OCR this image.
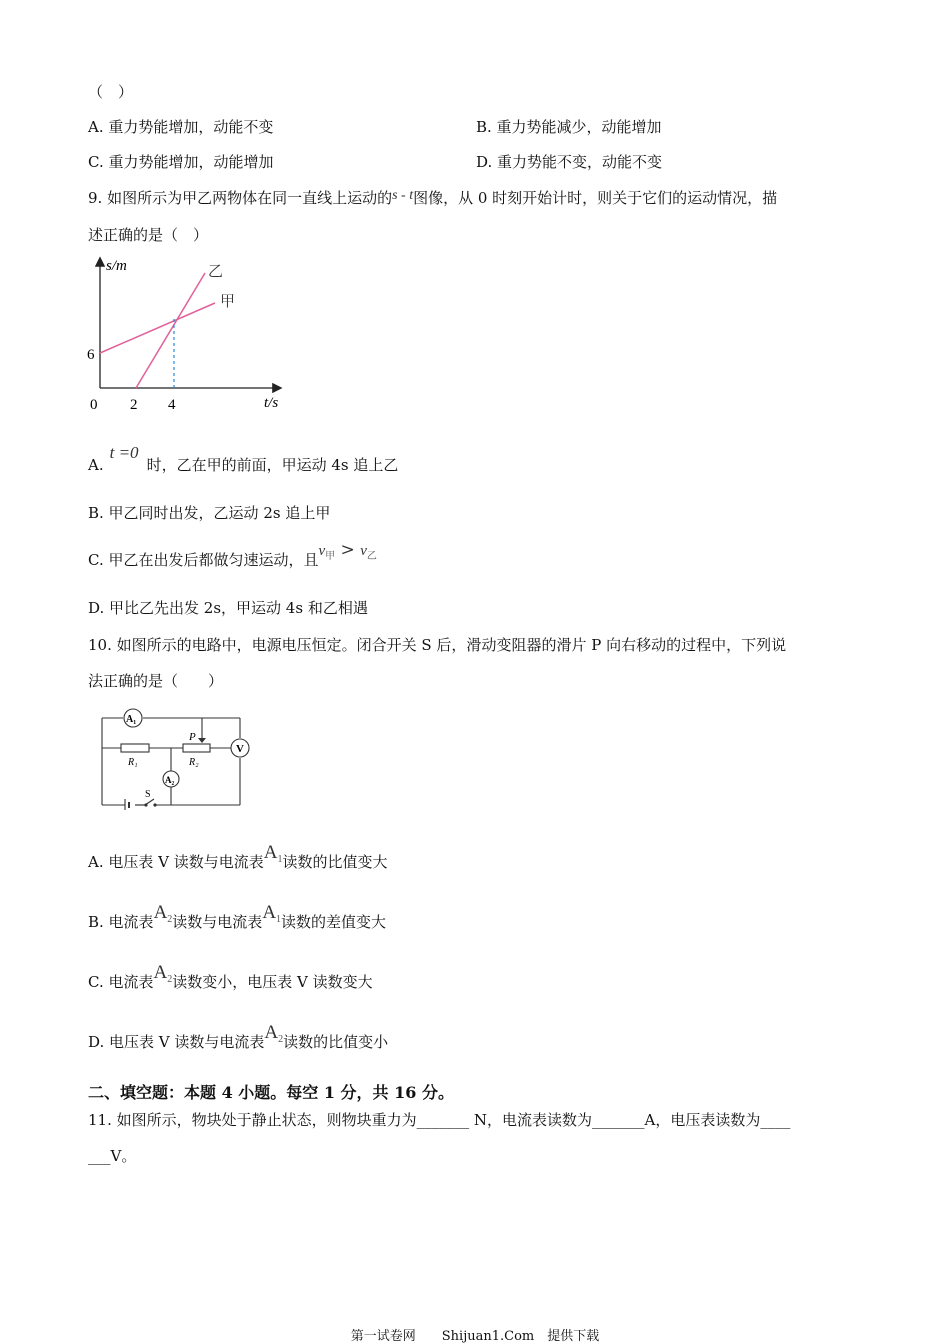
（　）
A. 重力势能增加，动能不变	B. 重力势能减少，动能增加
C. 重力势能增加，动能增加	D. 重力势能不变，动能不变
9. 如图所示为甲乙两物体在同一直线上运动的s - t图像，从 0 时刻开始计时，则关于它们的运动情况，描
述正确的是（　）
s/m
t/s
0
6
2 4
乙
甲
A.t =0时，乙在甲的前面，甲运动 4s 追上乙
B. 甲乙同时出发，乙运动 2s 追上甲
C. 甲乙在出发后都做匀速运动，且$v_甲 > v_乙$
D. 甲比乙先出发 2s，甲运动 4s 和乙相遇
10. 如图所示的电路中，电源电压恒定。闭合开关 S 后，滑动变阻器的滑片 P 向右移动的过程中，下列说
法正确的是（　　）
A₁
A₂
V
R₁	R₂
P
S
A. 电压表 V 读数与电流表$A_1$读数的比值变大
B. 电流表$A_2$读数与电流表$A_1$读数的差值变大
C. 电流表$A_2$读数变小，电压表 V 读数变大
D. 电压表 V 读数与电流表$A_2$读数的比值变小
二、填空题：本题 4 小题。每空 1 分，共 16 分。
11. 如图所示，物块处于静止状态，则物块重力为_______ N，电流表读数为_______A，电压表读数为____
___V。
第一试卷网　　Shijuan1.Com　提供下载
